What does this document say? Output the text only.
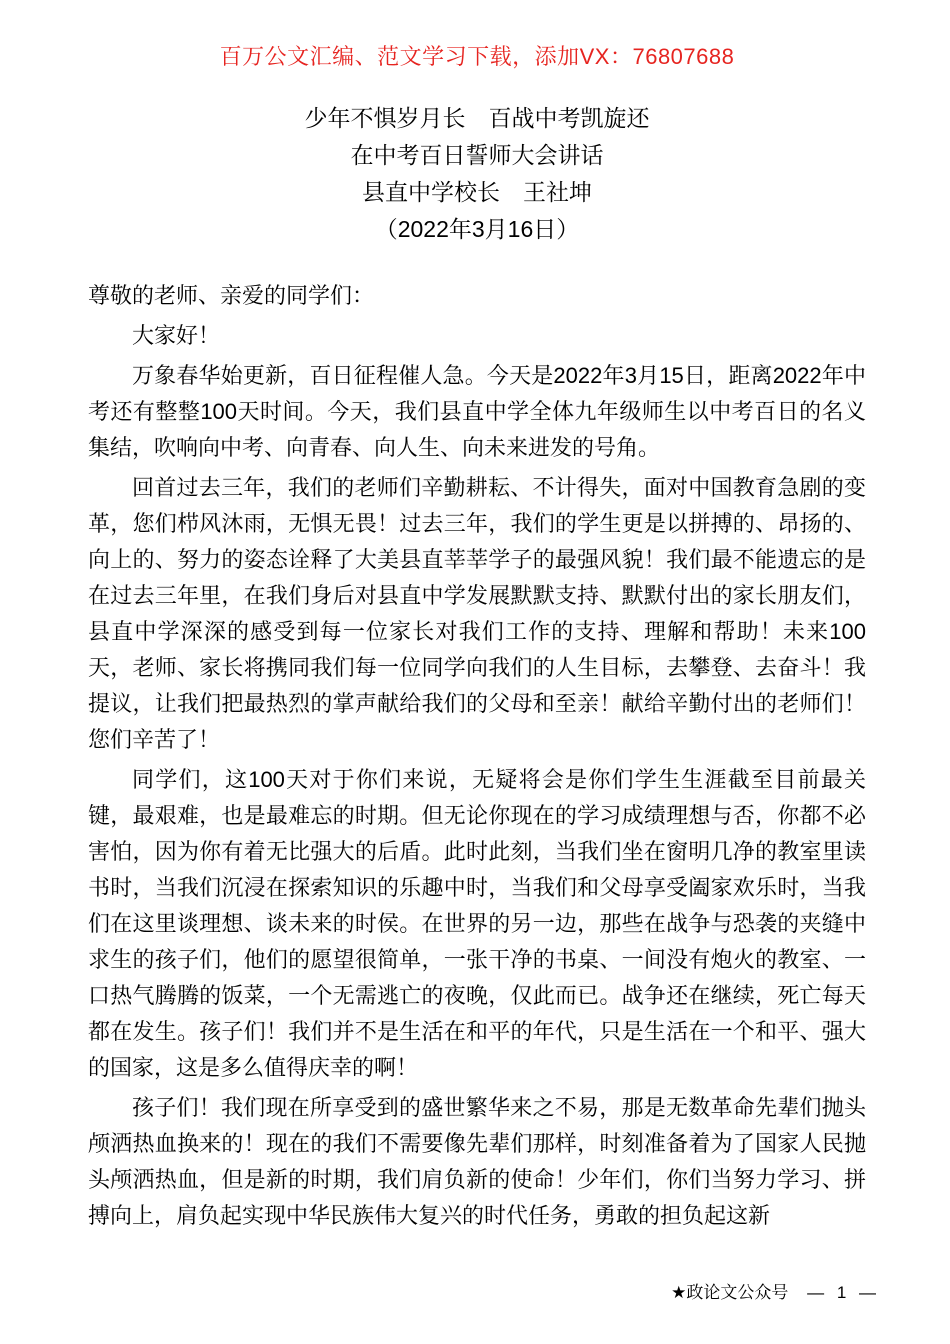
百万公文汇编、范文学习下载，添加VX：76807688
少年不惧岁月长　百战中考凯旋还
在中考百日誓师大会讲话
县直中学校长　王社坤
（2022年3月16日）

尊敬的老师、亲爱的同学们：

大家好！

万象春华始更新，百日征程催人急。今天是2022年3月15日，距离2022年中考还有整整100天时间。今天，我们县直中学全体九年级师生以中考百日的名义集结，吹响向中考、向青春、向人生、向未来进发的号角。

回首过去三年，我们的老师们辛勤耕耘、不计得失，面对中国教育急剧的变革，您们栉风沐雨，无惧无畏！过去三年，我们的学生更是以拼搏的、昂扬的、向上的、努力的姿态诠释了大美县直莘莘学子的最强风貌！我们最不能遗忘的是在过去三年里，在我们身后对县直中学发展默默支持、默默付出的家长朋友们，县直中学深深的感受到每一位家长对我们工作的支持、理解和帮助！未来100天，老师、家长将携同我们每一位同学向我们的人生目标，去攀登、去奋斗！我提议，让我们把最热烈的掌声献给我们的父母和至亲！献给辛勤付出的老师们！您们辛苦了！

同学们，这100天对于你们来说，无疑将会是你们学生生涯截至目前最关键，最艰难，也是最难忘的时期。但无论你现在的学习成绩理想与否，你都不必害怕，因为你有着无比强大的后盾。此时此刻，当我们坐在窗明几净的教室里读书时，当我们沉浸在探索知识的乐趣中时，当我们和父母享受阖家欢乐时，当我们在这里谈理想、谈未来的时侯。在世界的另一边，那些在战争与恐袭的夹缝中求生的孩子们，他们的愿望很简单，一张干净的书桌、一间没有炮火的教室、一口热气腾腾的饭菜，一个无需逃亡的夜晚，仅此而已。战争还在继续，死亡每天都在发生。孩子们！我们并不是生活在和平的年代，只是生活在一个和平、强大的国家，这是多么值得庆幸的啊！

孩子们！我们现在所享受到的盛世繁华来之不易，那是无数革命先辈们抛头颅洒热血换来的！现在的我们不需要像先辈们那样，时刻准备着为了国家人民抛头颅洒热血，但是新的时期，我们肩负新的使命！少年们，你们当努力学习、拼搏向上，肩负起实现中华民族伟大复兴的时代任务，勇敢的担负起这新

★政论文公众号 — 1 —
